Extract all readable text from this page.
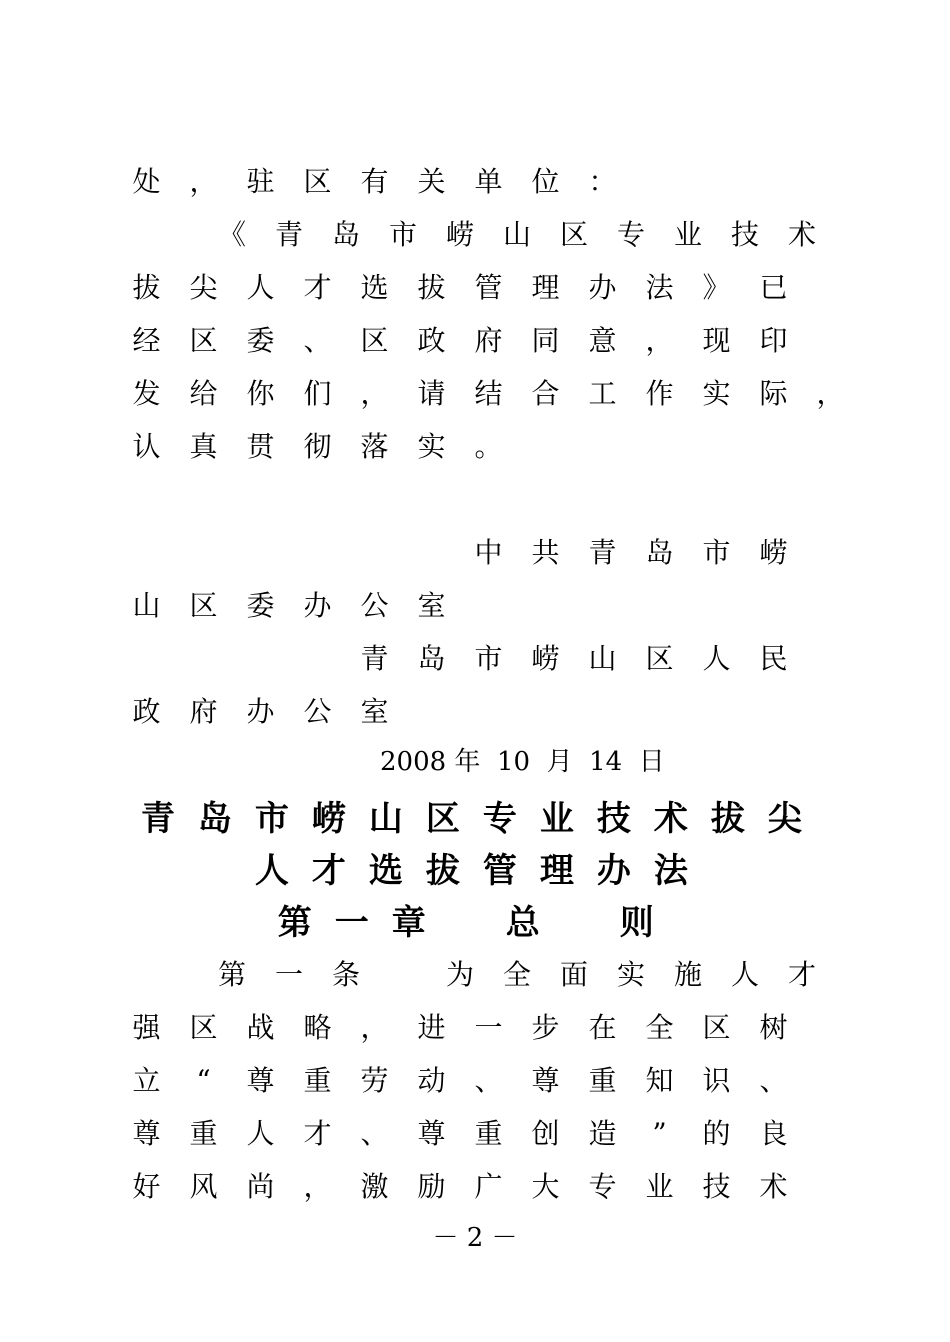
处	，	驻	区	有	关	单	位	：
《	青	岛	市	崂	山	区	专	业	技	术
拔	尖	人	才	选	拔	管	理	办	法	》	已
经	区	委	、	区	政	府	同	意	，	现	印
发	给	你	们	，	请	结	合	工	作	实	际	，
认	真	贯	彻	落	实	。
中	共	青	岛	市	崂
山	区	委	办	公	室
青	岛	市	崂	山	区	人	民
政	府	办	公	室
第	一	条
　	为	全	面	实	施	人	才
强	区	战	略	，	进	一	步	在	全	区	树
立	“	尊	重	劳	动	、	尊	重	知	识	、
尊	重	人	才	、	尊	重	创	造	”	的	良
好	风	尚	，	激	励	广	大	专	业	技	术
青 岛 市 崂 山 区 专 业 技 术 拔 尖
人 才 选 拔 管 理 办 法
第 一 章
　	总
　	则
2008 年  10  月  14  日
－ 2 －
